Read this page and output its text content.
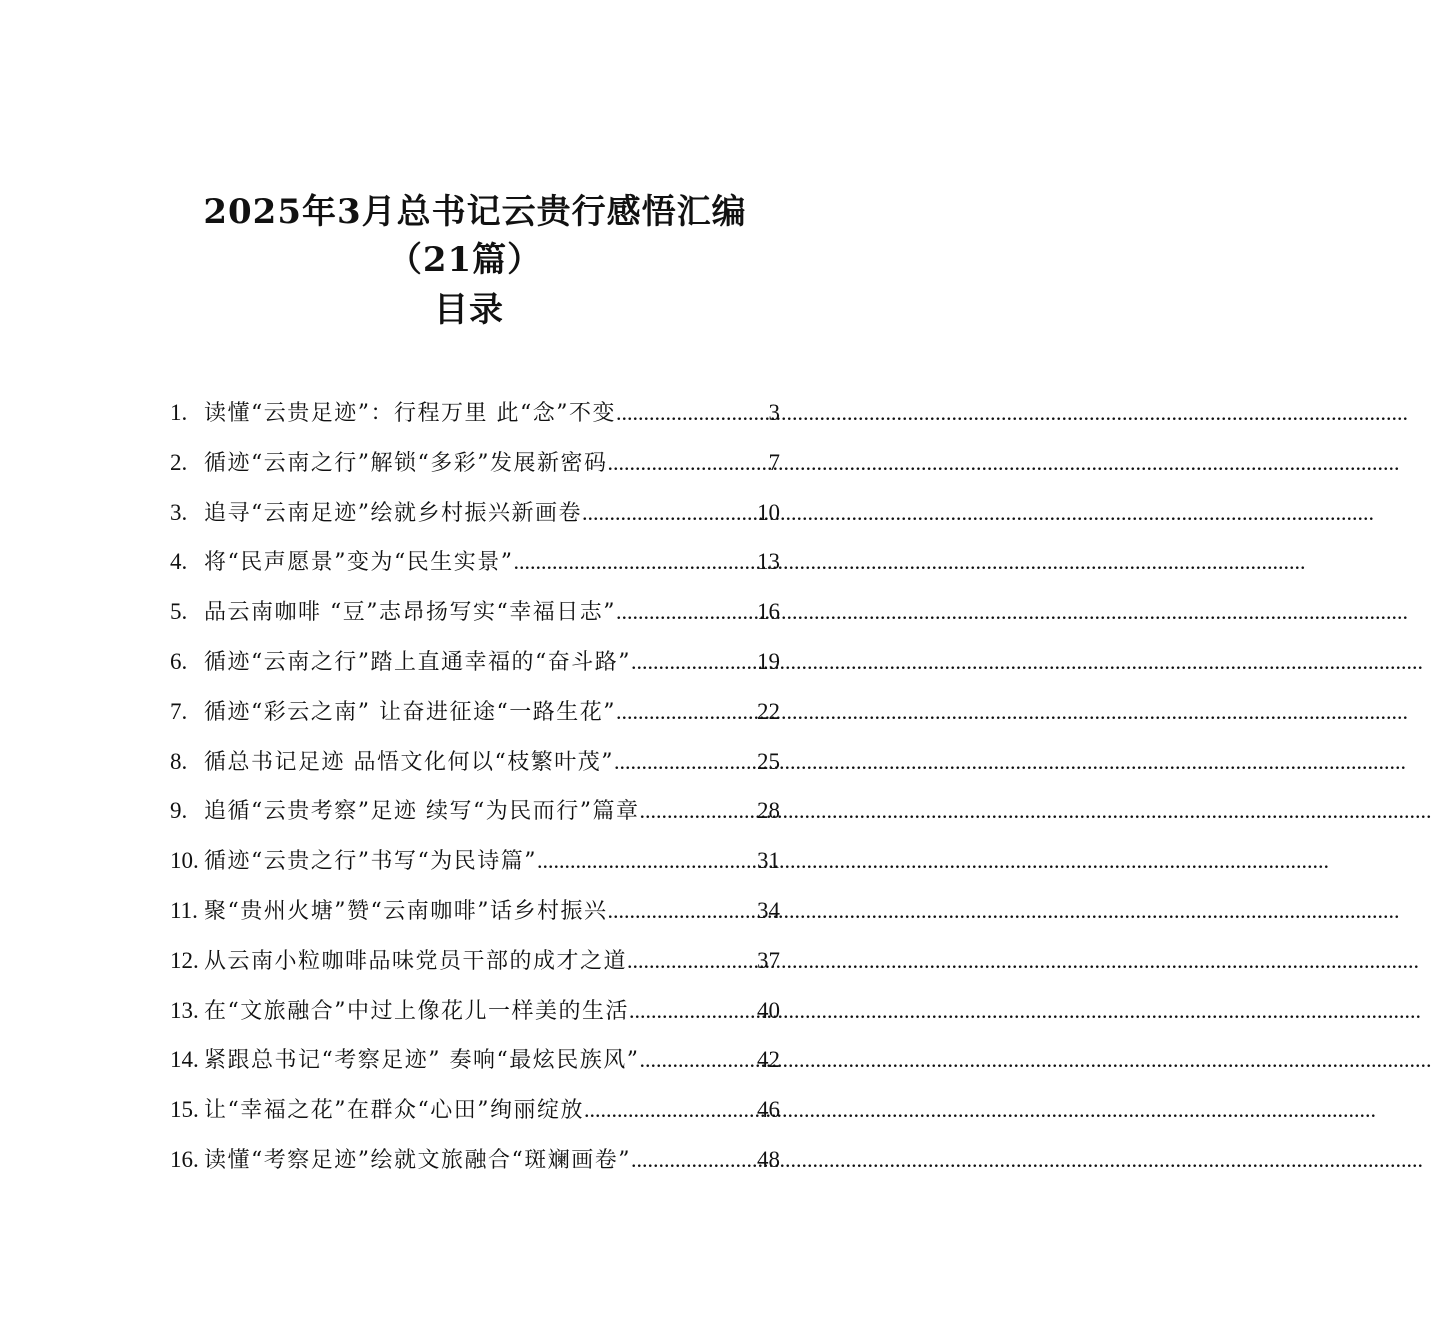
2025年3月总书记云贵行感悟汇编
（21篇）
目录
1. 读懂“云贵足迹”：行程万里 此“念”不变 .....	3
2. 循迹“云南之行”解锁“多彩”发展新密码 .....	7
3. 追寻“云南足迹”绘就乡村振兴新画卷 .....	10
4. 将“民声愿景”变为“民生实景” .....	13
5. 品云南咖啡 “豆”志昂扬写实“幸福日志” .....	16
6. 循迹“云南之行”踏上直通幸福的“奋斗路” .....	19
7. 循迹“彩云之南” 让奋进征途“一路生花” .....	22
8. 循总书记足迹 品悟文化何以“枝繁叶茂” .....	25
9. 追循“云贵考察”足迹 续写“为民而行”篇章 .....	28
10. 循迹“云贵之行”书写“为民诗篇” .....	31
11. 聚“贵州火塘”赞“云南咖啡”话乡村振兴 .....	34
12. 从云南小粒咖啡品味党员干部的成才之道 .....	37
13. 在“文旅融合”中过上像花儿一样美的生活 .....	40
14. 紧跟总书记“考察足迹” 奏响“最炫民族风” .....	42
15. 让“幸福之花”在群众“心田”绚丽绽放 .....	46
16. 读懂“考察足迹”绘就文旅融合“斑斓画卷” .....	48
